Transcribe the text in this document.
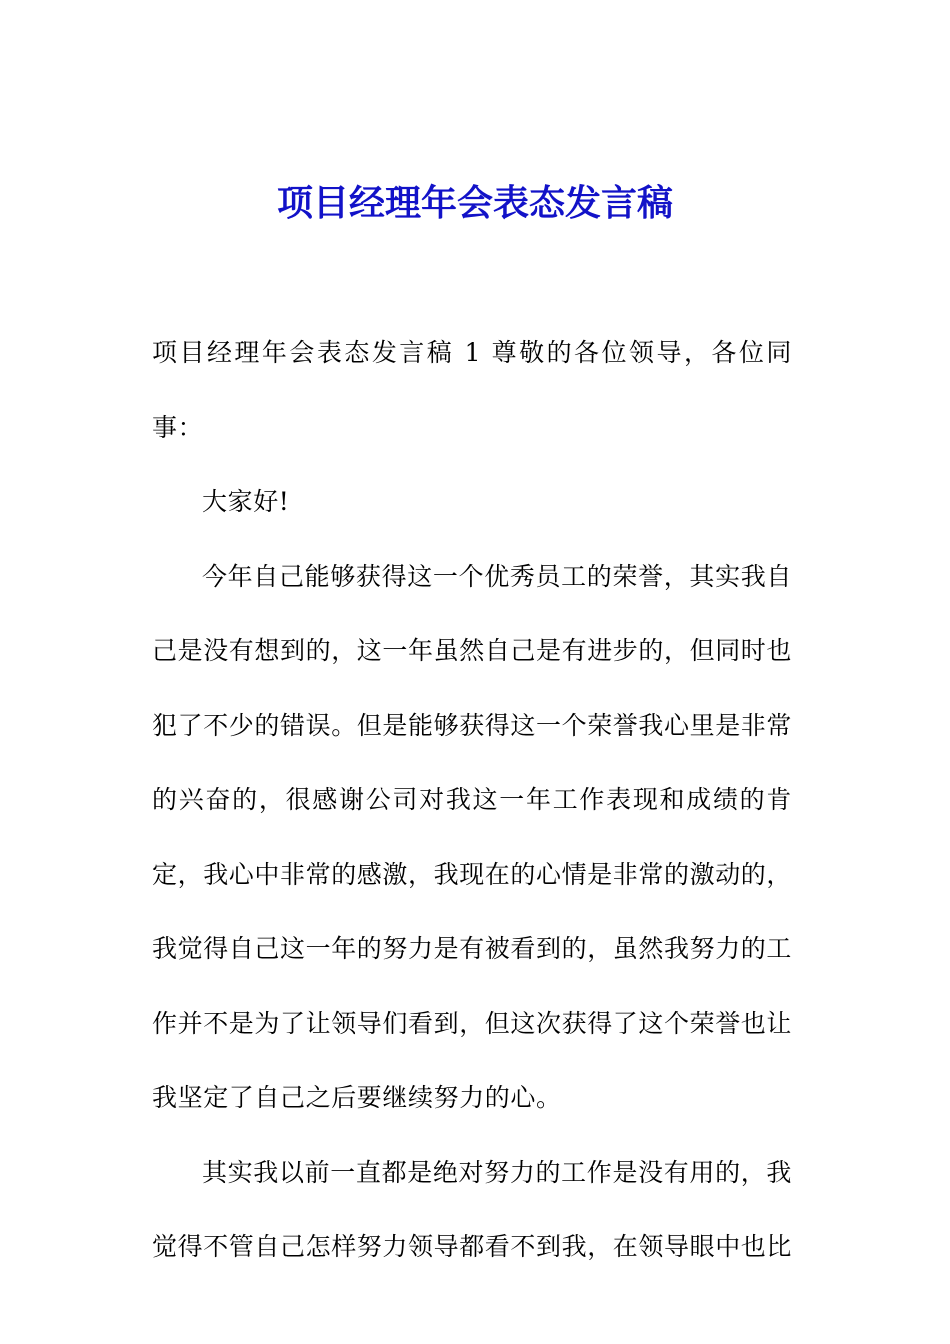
项目经理年会表态发言稿

项目经理年会表态发言稿 1 尊敬的各位领导，各位同事：

大家好!

今年自己能够获得这一个优秀员工的荣誉，其实我自己是没有想到的，这一年虽然自己是有进步的，但同时也犯了不少的错误。但是能够获得这一个荣誉我心里是非常的兴奋的，很感谢公司对我这一年工作表现和成绩的肯定，我心中非常的感激，我现在的心情是非常的激动的，我觉得自己这一年的努力是有被看到的，虽然我努力的工作并不是为了让领导们看到，但这次获得了这个荣誉也让我坚定了自己之后要继续努力的心。

其实我以前一直都是绝对努力的工作是没有用的，我觉得不管自己怎样努力领导都看不到我，在领导眼中也比
